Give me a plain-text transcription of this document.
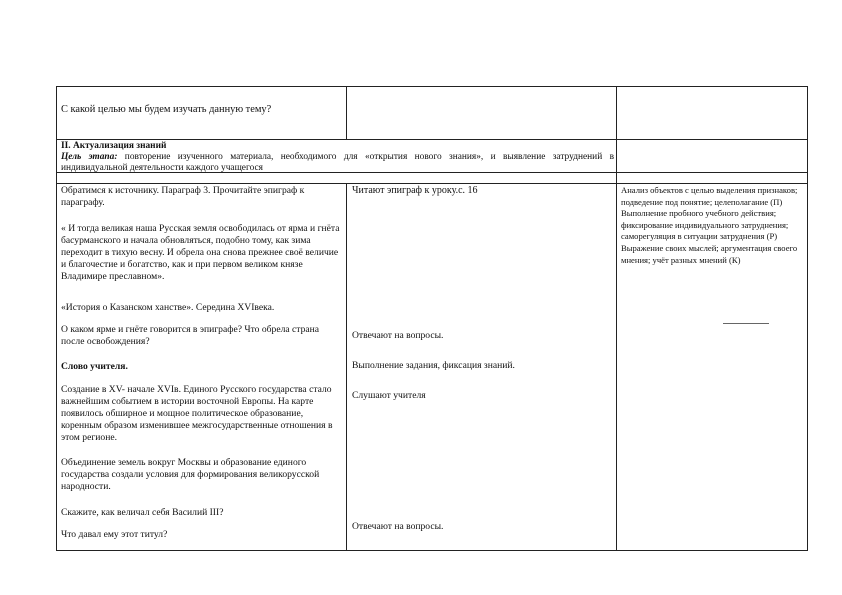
С какой целью мы будем изучать данную тему?

II. Актуализация знаний
Цель этапа: повторение изученного материала, необходимого для «открытия нового знания», и выявление затруднений в индивидуальной деятельности каждого учащегося

Обратимся к источнику. Параграф 3. Прочитайте эпиграф к параграфу.

« И тогда великая наша Русская земля освободилась от ярма и гнёта басурманского и начала обновляться, подобно тому, как зима переходит в тихую весну. И обрела она снова прежнее своё величие и благочестие и богатство, как и при первом великом князе Владимире преславном».

«История о Казанском ханстве». Середина XVIвека.

О каком ярме и гнёте говорится в эпиграфе? Что обрела страна после освобождения?

Слово учителя.

Создание в XV- начале XVIв. Единого Русского государства стало важнейшим событием в истории восточной Европы. На карте появилось обширное и мощное политическое образование, коренным образом изменившее межгосударственные отношения в этом регионе.

Объединение земель вокруг Москвы и образование единого государства создали условия для формирования великорусской народности.

Скажите, как величал себя Василий III?

Что давал ему этот титул?

Читают эпиграф к уроку.с. 16

Отвечают на вопросы.

Выполнение задания, фиксация знаний.

Слушают учителя

Отвечают на вопросы.

Анализ объектов с целью выделения признаков; подведение под понятие; целеполагание (П) Выполнение пробного учебного действия; фиксирование индивидуального затруднения; саморегуляция в ситуации затруднения (Р) Выражение своих мыслей; аргументация своего мнения; учёт разных мнений (К)
